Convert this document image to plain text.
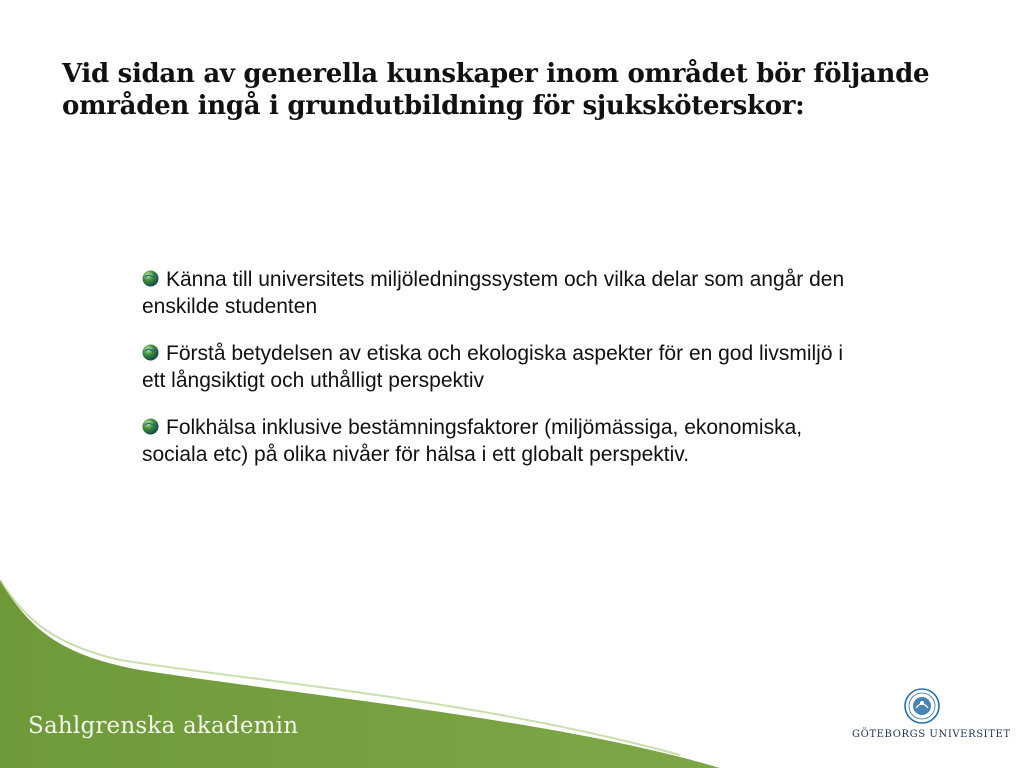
Vid sidan av generella kunskaper inom området bör följande områden ingå i grundutbildning för sjuksköterskor:
Känna till universitets miljöledningssystem och vilka delar som angår den enskilde studenten
Förstå betydelsen av etiska och ekologiska aspekter för en god livsmiljö i ett långsiktigt och uthålligt perspektiv
Folkhälsa inklusive bestämningsfaktorer (miljömässiga, ekonomiska, sociala etc) på olika nivåer för hälsa i ett globalt perspektiv.
Sahlgrenska akademin	GÖTEBORGS UNIVERSITET
